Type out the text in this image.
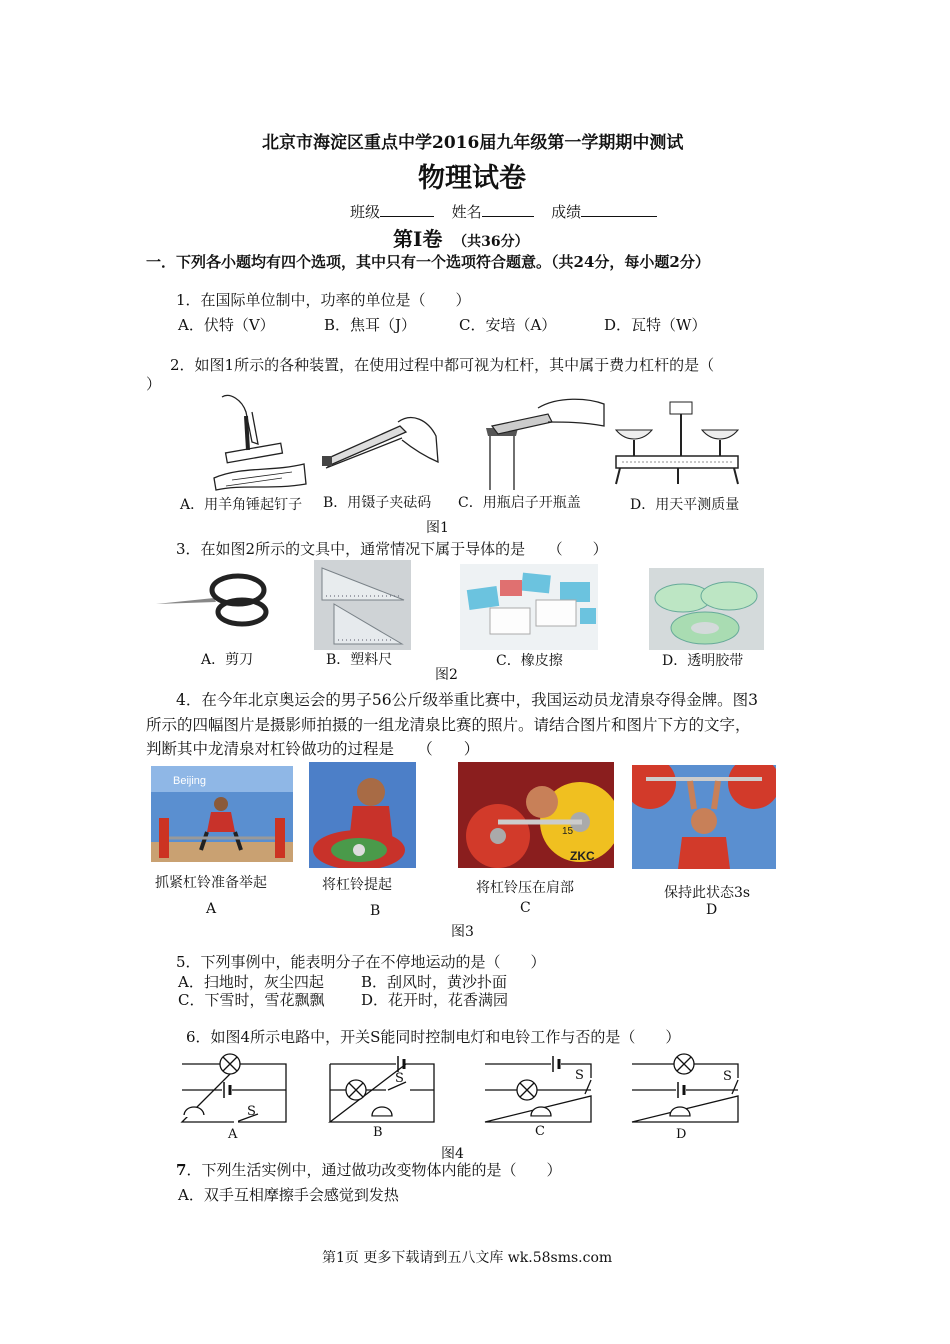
北京市海淀区重点中学2016届九年级第一学期期中测试
物理试卷
班级	姓名	成绩
第Ⅰ卷 （共36分）
一．下列各小题均有四个选项，其中只有一个选项符合题意。（共24分，每小题2分）
1．在国际单位制中，功率的单位是（　　）
A．伏特（V）	B．焦耳（J）	C．安培（A）	D．瓦特（W）
2．如图1所示的各种装置，在使用过程中都可视为杠杆，其中属于费力杠杆的是（
）
A．用羊角锤起钉子 B．用镊子夹砝码 C．用瓶启子开瓶盖	D．用天平测质量
图1
3．在如图2所示的文具中，通常情况下属于导体的是　　（　　）
A．剪刀	B．塑料尺	C．橡皮擦	D．透明胶带
图2
4．在今年北京奥运会的男子56公斤级举重比赛中，我国运动员龙清泉夺得金牌。图3
所示的四幅图片是摄影师拍摄的一组龙清泉比赛的照片。请结合图片和图片下方的文字，
判断其中龙清泉对杠铃做功的过程是　　（　　）
Beijing
15
ZKC
抓紧杠铃准备举起	将杠铃提起	将杠铃压在肩部	保持此状态3s
A	B	C	D
图3
5．下列事例中，能表明分子在不停地运动的是（　　）
A．扫地时，灰尘四起 B．刮风时，黄沙扑面
C．下雪时，雪花飘飘 D．花开时，花香满园
6．如图4所示电路中，开关S能同时控制电灯和电铃工作与否的是（　　）
S
A
S
B
S
C
S
D
图4
7．下列生活实例中，通过做功改变物体内能的是（　　）
A．双手互相摩擦手会感觉到发热
第1页 更多下载请到五八文库 wk.58sms.com
